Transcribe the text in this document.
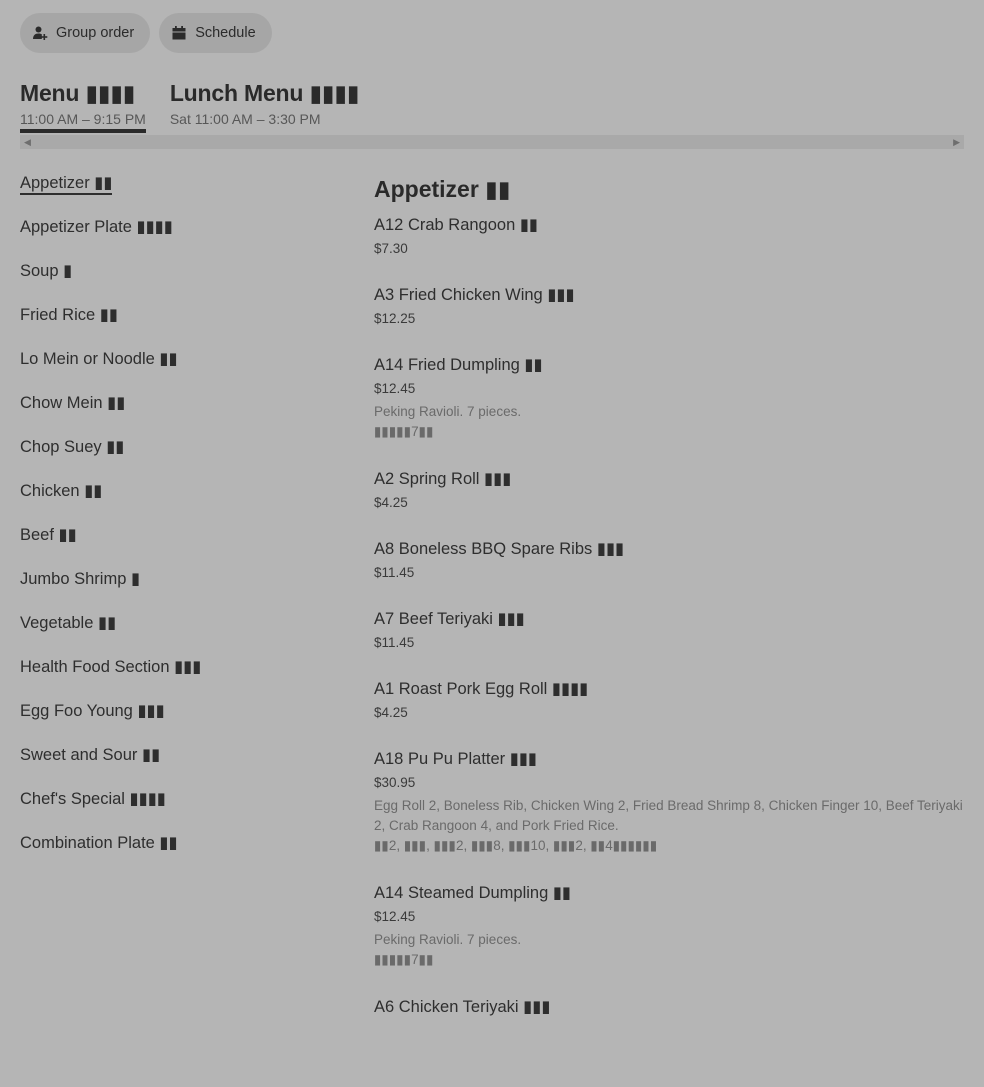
Group order	Schedule
Menu ▮▮▮▮
11:00 AM – 9:15 PM
Lunch Menu ▮▮▮▮
Sat 11:00 AM – 3:30 PM
◀	▶
Appetizer ▮▮
Appetizer Plate ▮▮▮▮
Soup ▮
Fried Rice ▮▮
Lo Mein or Noodle ▮▮
Chow Mein ▮▮
Chop Suey ▮▮
Chicken ▮▮
Beef ▮▮
Jumbo Shrimp ▮
Vegetable ▮▮
Health Food Section ▮▮▮
Egg Foo Young ▮▮▮
Sweet and Sour ▮▮
Chef's Special ▮▮▮▮
Combination Plate ▮▮
Appetizer ▮▮
A12 Crab Rangoon ▮▮
$7.30
A3 Fried Chicken Wing ▮▮▮
$12.25
A14 Fried Dumpling ▮▮
$12.45
Peking Ravioli. 7 pieces.
▮▮▮▮▮7▮▮
A2 Spring Roll ▮▮▮
$4.25
A8 Boneless BBQ Spare Ribs ▮▮▮
$11.45
A7 Beef Teriyaki ▮▮▮
$11.45
A1 Roast Pork Egg Roll ▮▮▮▮
$4.25
A18 Pu Pu Platter ▮▮▮
$30.95
Egg Roll 2, Boneless Rib, Chicken Wing 2, Fried Bread Shrimp 8, Chicken Finger 10, Beef Teriyaki 2, Crab Rangoon 4, and Pork Fried Rice.
▮▮2, ▮▮▮, ▮▮▮2, ▮▮▮8, ▮▮▮10, ▮▮▮2, ▮▮4▮▮▮▮▮▮
A14 Steamed Dumpling ▮▮
$12.45
Peking Ravioli. 7 pieces.
▮▮▮▮▮7▮▮
A6 Chicken Teriyaki ▮▮▮
